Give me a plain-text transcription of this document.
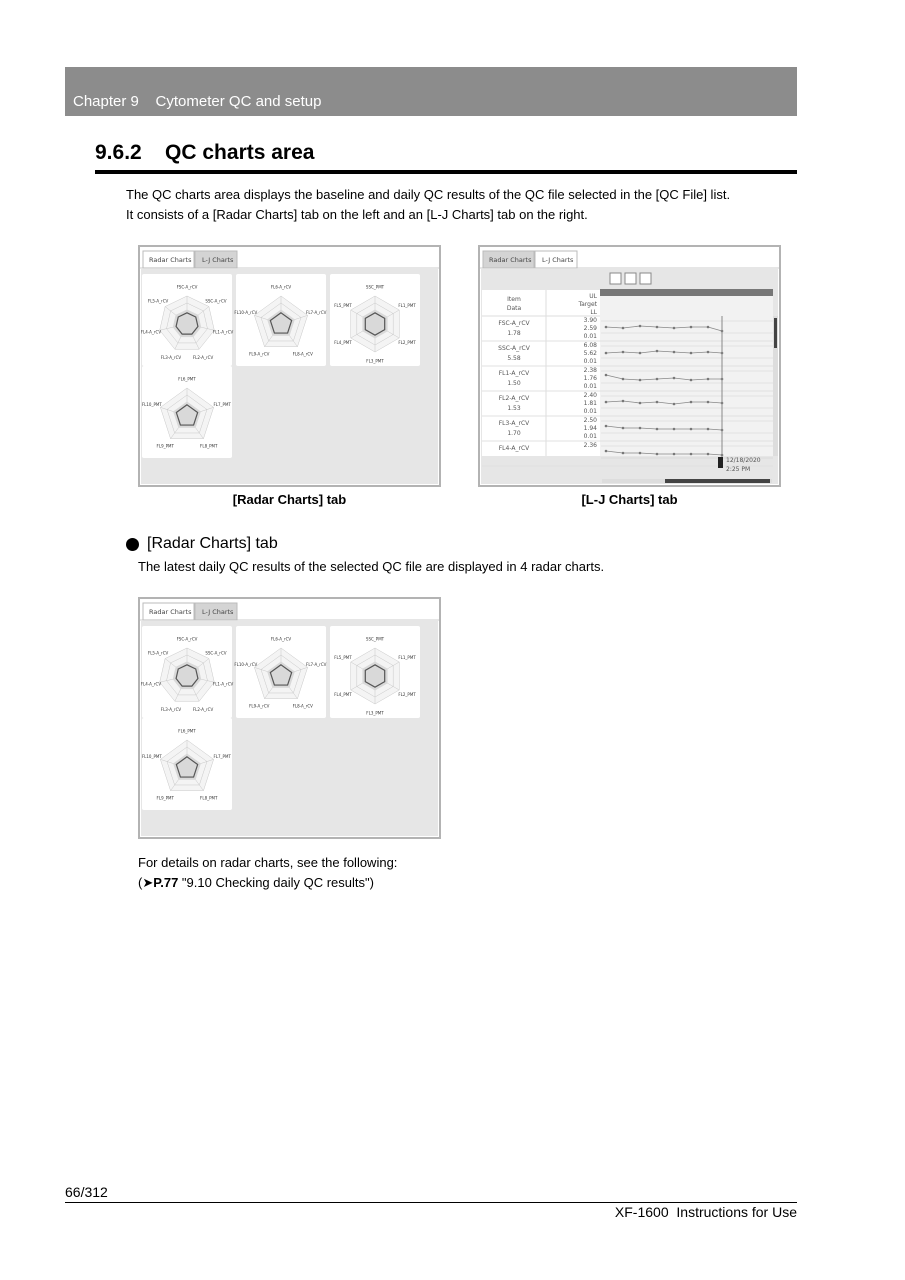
Chapter 9    Cytometer QC and setup
9.6.2    QC charts area
The QC charts area displays the baseline and daily QC results of the QC file selected in the [QC File] list.
It consists of a [Radar Charts] tab on the left and an [L-J Charts] tab on the right.
Radar Charts L-J Charts
FSC-A_rCV
SSC-A_rCV
FL1-A_rCV
FL2-A_rCV
FL3-A_rCV
FL4-A_rCV
FL5-A_rCV
FL6-A_rCV
FL7-A_rCV
FL8-A_rCV
FL9-A_rCV
FL10-A_rCV
SSC_PMT
FL1_PMT
FL2_PMT
FL3_PMT
FL4_PMT
FL5_PMT
FL6_PMT
FL7_PMT
FL8_PMT
FL9_PMT
FL10_PMT
[Radar Charts] tab
Radar Charts L-J Charts
Item
Data
UL
Target
LL
FSC-A_rCV
1.78
3.90
2.59
0.01
SSC-A_rCV
5.58
6.08
5.62
0.01
FL1-A_rCV
1.50
2.38
1.76
0.01
FL2-A_rCV
1.53
2.40
1.81
0.01
FL3-A_rCV
1.70
2.50
1.94
0.01
FL4-A_rCV	2.36
12/18/2020
2:25 PM
[L-J Charts] tab
[Radar Charts] tab
The latest daily QC results of the selected QC file are displayed in 4 radar charts.
Radar Charts L-J Charts
FSC-A_rCV
SSC-A_rCV
FL1-A_rCV
FL2-A_rCV
FL3-A_rCV
FL4-A_rCV
FL5-A_rCV
FL6-A_rCV
FL7-A_rCV
FL8-A_rCV
FL9-A_rCV
FL10-A_rCV
SSC_PMT
FL1_PMT
FL2_PMT
FL3_PMT
FL4_PMT
FL5_PMT
FL6_PMT
FL7_PMT
FL8_PMT
FL9_PMT
FL10_PMT
For details on radar charts, see the following:
(➤P.77 "9.10 Checking daily QC results")
66/312
XF-1600  Instructions for Use
